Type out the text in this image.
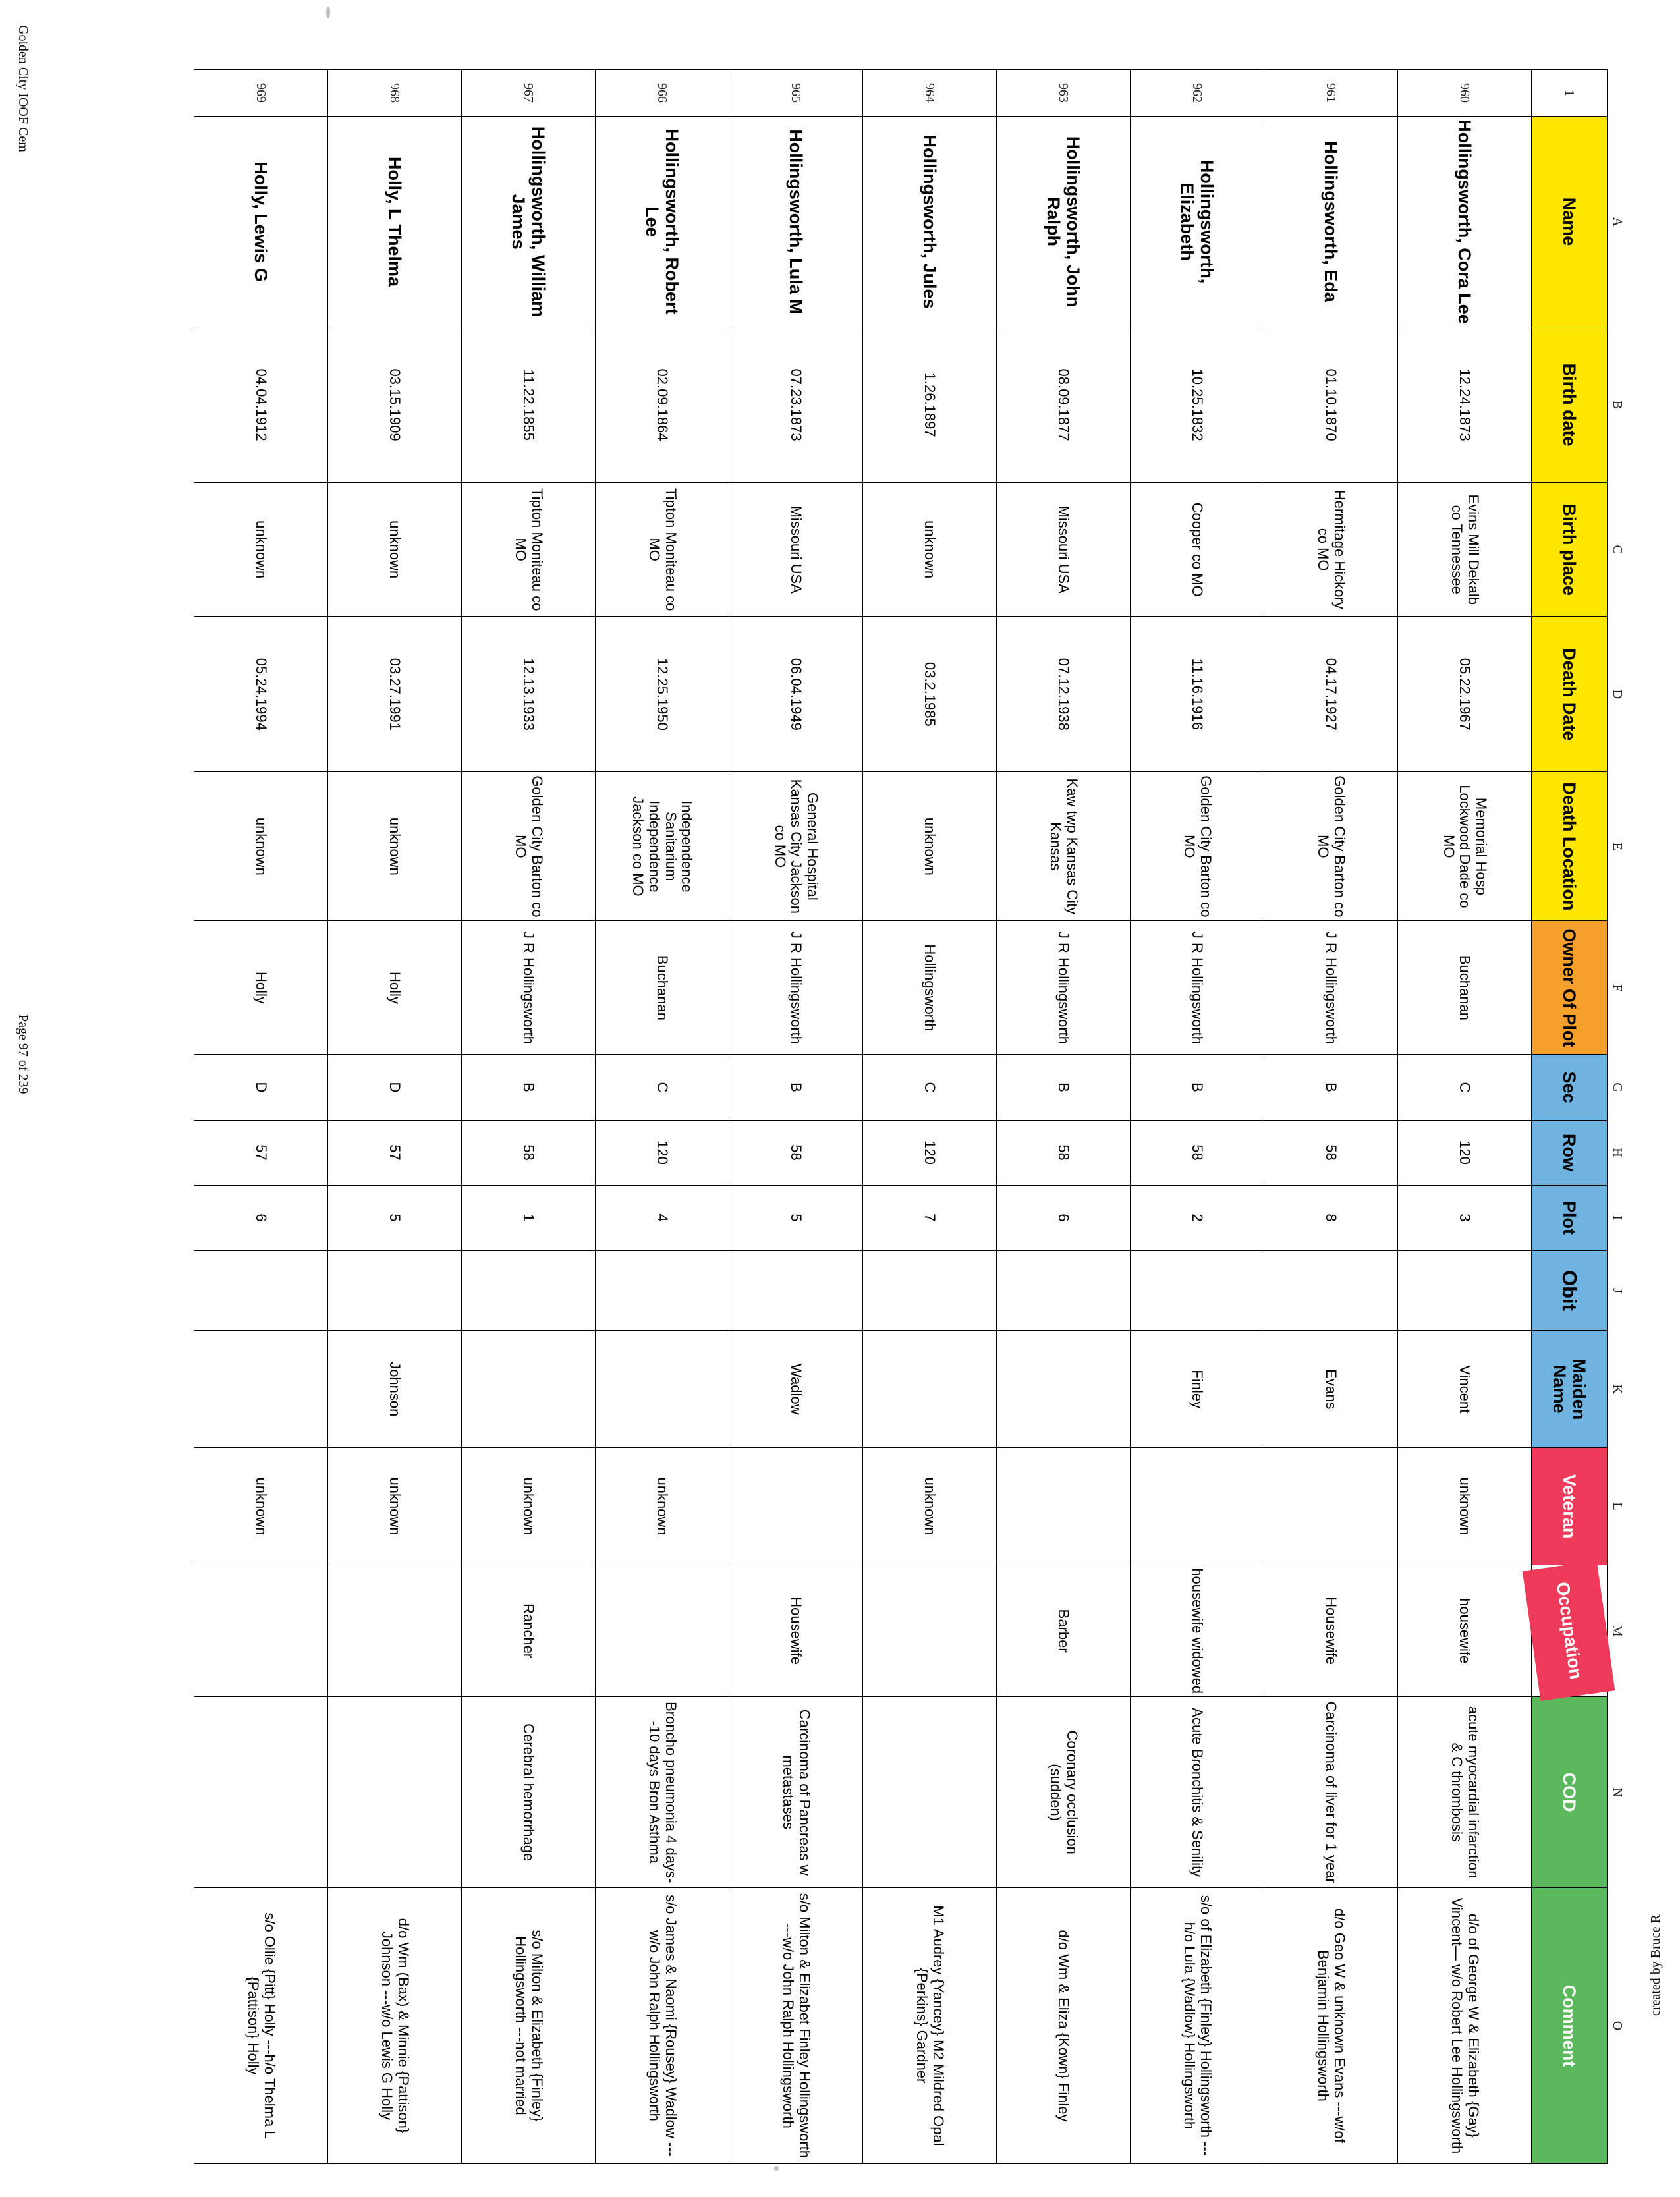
Golden City IOOF Cem
Page 97 of 239
created by Bruce R
	A	B	C	D	E	F	G	H	I	J	K	L	M	N	O
1	Name	Birth date	Birth place	Death Date	Death Location	Owner Of Plot	Sec	Row	Plot	Obit	Maiden Name	Veteran	Occupation	COD	Comment
960	Hollingsworth, Cora Lee	12.24.1873	Evins Mill Dekalb co Tennessee	05.22.1967	Memorial Hosp Lockwood Dade co MO	Buchanan	C	120	3		Vincent	unknown	housewife	acute myocardial infarction & C thrombosis	d/o of George W & Elizabeth {Gay} Vincent— w/o Robert Lee Hollingsworth
961	Hollingsworth, Eda	01.10.1870	Hermitage Hickory co MO	04.17.1927	Golden City Barton co MO	J R Hollingsworth	B	58	8		Evans		Housewife	Carcinoma of liver for 1 year	d/o Geo W & unknown Evans ---w/of Benjamin Hollingsworth
962	Hollingsworth, Elizabeth	10.25.1832	Cooper co MO	11.16.1916	Golden City Barton co MO	J R Hollingsworth	B	58	2		Finley		housewife widowed	Acute Bronchitis & Senility	s/o of Elizabeth {Finley} Hollingsworth ---h/o Lula {Wadlow} Hollingsworth
963	Hollingsworth, John Ralph	08.09.1877	Missouri USA	07.12.1938	Kaw twp Kansas City Kansas	J R Hollingsworth	B	58	6				Barber	Coronary occlusion (sudden)	d/o Wm & Eliza {Kown} Finley
964	Hollingsworth, Jules	1.26.1897	unknown	03.2.1985	unknown	Hollingsworth	C	120	7			unknown			M1 Audrey {Yancey} M2 Mildred Opal {Perkins} Gardner
965	Hollingsworth, Lula M	07.23.1873	Missouri USA	06.04.1949	General Hospital Kansas City Jackson co MO	J R Hollingsworth	B	58	5		Wadlow		Housewife	Carcinoma of Pancreas w metastases	s/o Milton & Elizabet Finley Hollingsworth ---w/o John Ralph Hollingsworth
966	Hollingsworth, Robert Lee	02.09.1864	Tipton Moniteau co MO	12.25.1950	Independence Sanitarium Independence Jackson co MO	Buchanan	C	120	4			unknown		Broncho pneumonia 4 days--10 days Bron Asthma	s/o James & Naomi {Rousey} Wadlow ---w/o John Ralph Hollingsworth
967	Hollingsworth, William James	11.22.1855	Tipton Moniteau co MO	12.13.1933	Golden City Barton co MO	J R Hollingsworth	B	58	1			unknown	Rancher	Cerebral hemorrhage	s/o Milton & Elizabeth {Finley} Hollingsworth ---not married
968	Holly, L Thelma	03.15.1909	unknown	03.27.1991	unknown	Holly	D	57	5		Johnson	unknown			d/o Wm (Bax) & Minnie {Pattison} Johnson ---w/o Lewis G Holly
969	Holly, Lewis G	04.04.1912	unknown	05.24.1994	unknown	Holly	D	57	6			unknown			s/o Ollie {Pitt} Holly ---h/o Thelma L {Pattison} Holly
